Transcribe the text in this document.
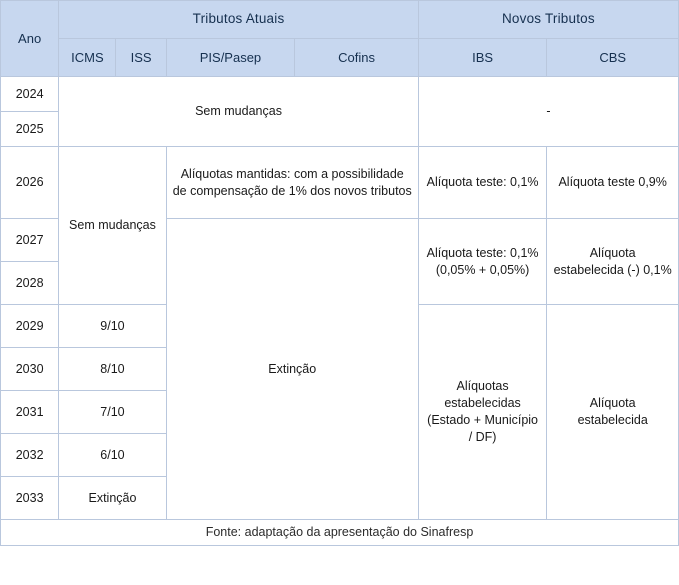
Ano	Tributos Atuais				Novos Tributos	
	ICMS	ISS	PIS/Pasep	Cofins	IBS	CBS
2024	Sem mudanças				-	
2025						
2026	Sem mudanças		Alíquotas mantidas: com a possibilidade de compensação de 1% dos novos tributos		Alíquota teste: 0,1%	Alíquota teste 0,9%
2027			Extinção		Alíquota teste: 0,1% (0,05% + 0,05%)	Alíquota estabelecida (-) 0,1%
2028						
2029	9/10				Alíquotas estabelecidas (Estado + Município / DF)	Alíquota estabelecida
2030	8/10					
2031	7/10					
2032	6/10					
2033	Extinção					
Fonte: adaptação da apresentação do Sinafresp						
